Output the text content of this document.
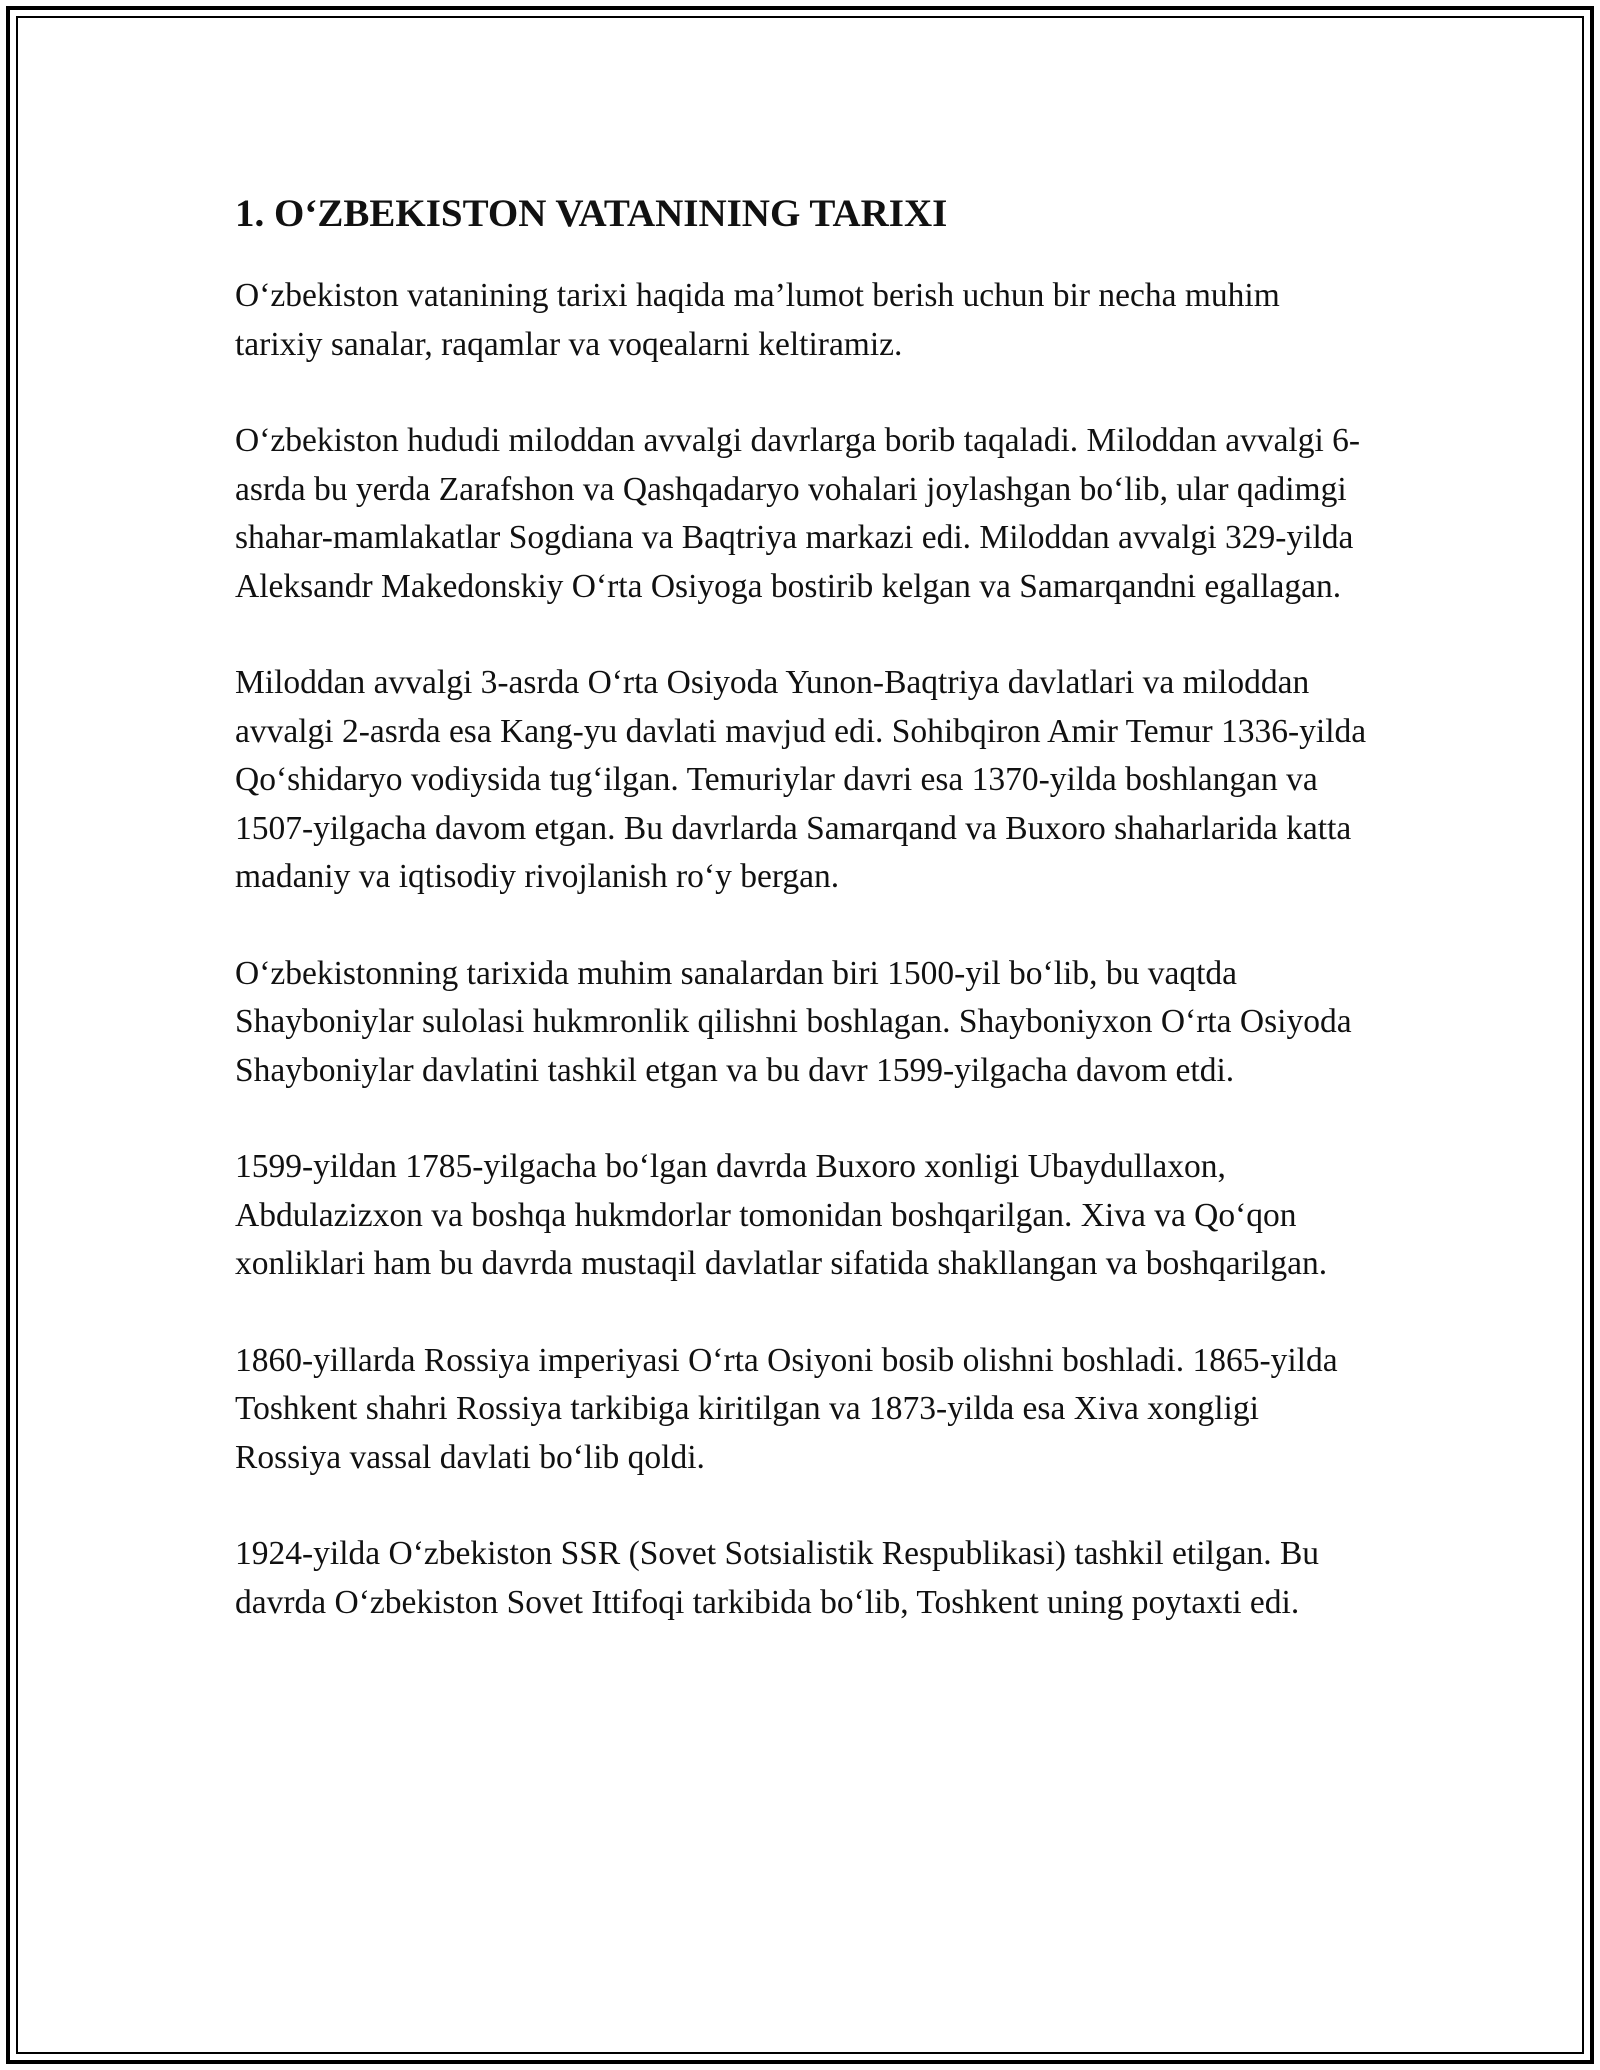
1. O‘ZBEKISTON VATANINING TARIXI

O‘zbekiston vatanining tarixi haqida ma’lumot berish uchun bir necha muhim tarixiy sanalar, raqamlar va voqealarni keltiramiz.

O‘zbekiston hududi miloddan avvalgi davrlarga borib taqaladi. Miloddan avvalgi 6-asrda bu yerda Zarafshon va Qashqadaryo vohalari joylashgan bo‘lib, ular qadimgi shahar-mamlakatlar Sogdiana va Baqtriya markazi edi. Miloddan avvalgi 329-yilda Aleksandr Makedonskiy O‘rta Osiyoga bostirib kelgan va Samarqandni egallagan.

Miloddan avvalgi 3-asrda O‘rta Osiyoda Yunon-Baqtriya davlatlari va miloddan avvalgi 2-asrda esa Kang-yu davlati mavjud edi. Sohibqiron Amir Temur 1336-yilda Qo‘shidaryo vodiysida tug‘ilgan. Temuriylar davri esa 1370-yilda boshlangan va 1507-yilgacha davom etgan. Bu davrlarda Samarqand va Buxoro shaharlarida katta madaniy va iqtisodiy rivojlanish ro‘y bergan.

O‘zbekistonning tarixida muhim sanalardan biri 1500-yil bo‘lib, bu vaqtda Shayboniylar sulolasi hukmronlik qilishni boshlagan. Shayboniyxon O‘rta Osiyoda Shayboniylar davlatini tashkil etgan va bu davr 1599-yilgacha davom etdi.

1599-yildan 1785-yilgacha bo‘lgan davrda Buxoro xonligi Ubaydullaxon, Abdulazizxon va boshqa hukmdorlar tomonidan boshqarilgan. Xiva va Qo‘qon xonliklari ham bu davrda mustaqil davlatlar sifatida shakllangan va boshqarilgan.

1860-yillarda Rossiya imperiyasi O‘rta Osiyoni bosib olishni boshladi. 1865-yilda Toshkent shahri Rossiya tarkibiga kiritilgan va 1873-yilda esa Xiva xongligi Rossiya vassal davlati bo‘lib qoldi.

1924-yilda O‘zbekiston SSR (Sovet Sotsialistik Respublikasi) tashkil etilgan. Bu davrda O‘zbekiston Sovet Ittifoqi tarkibida bo‘lib, Toshkent uning poytaxti edi.
